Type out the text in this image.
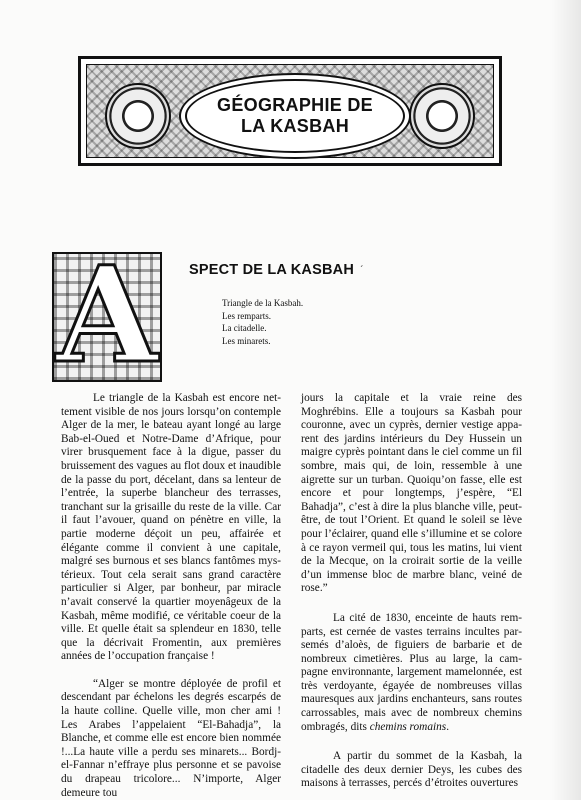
GÉOGRAPHIE DE
LA KASBAH
A SPECT DE LA KASBAH ´
Triangle de la Kasbah.
Les remparts.
La citadelle.
Les minarets.

Le triangle de la Kasbah est encore nettement visible de nos jours lorsqu’on contemple Alger de la mer, le bateau ayant longé au large Bab-el-Oued et Notre-Dame d’Afrique, pour virer brusquement face à la digue, passer du bruissement des vagues au flot doux et inaudible de la passe du port, décelant, dans sa lenteur de l’entrée, la superbe blancheur des terrasses, tranchant sur la grisaille du reste de la ville. Car il faut l’avouer, quand on pénètre en ville, la partie moderne déçoit un peu, affairée et élégante comme il convient à une capitale, malgré ses burnous et ses blancs fantômes mystérieux. Tout cela serait sans grand caractère particulier si Alger, par bonheur, par miracle n’avait conservé la quartier moyenâgeux de la Kasbah, même modifié, ce véritable coeur de la ville. Et quelle était sa splendeur en 1830, telle que la décrivait Fromentin, aux premières années de l’occupation française !

“Alger se montre déployée de profil et descendant par échelons les degrés escarpés de la haute colline. Quelle ville, mon cher ami ! Les Arabes l’appelaient “El-Bahadja”, la Blanche, et comme elle est encore bien nommée !...La haute ville a perdu ses minarets... Bordj-el-Fannar n’effraye plus personne et se pavoise du drapeau tricolore... N’importe, Alger demeure tou

jours la capitale et la vraie reine des Moghrébins. Elle a toujours sa Kasbah pour couronne, avec un cyprès, dernier vestige apparent des jardins intérieurs du Dey Hussein un maigre cyprès pointant dans le ciel comme un fil sombre, mais qui, de loin, ressemble à une aigrette sur un turban. Quoiqu’on fasse, elle est encore et pour longtemps, j’espère, “El Bahadja”, c’est à dire la plus blanche ville, peut-être, de tout l’Orient. Et quand le soleil se lève pour l’éclairer, quand elle s’illumine et se colore à ce rayon vermeil qui, tous les matins, lui vient de la Mecque, on la croirait sortie de la veille d’un immense bloc de marbre blanc, veiné de rose.”

La cité de 1830, enceinte de hauts remparts, est cernée de vastes terrains incultes parsemés d’aloès, de figuiers de barbarie et de nombreux cimetières. Plus au large, la campagne environnante, largement mamelonnée, est très verdoyante, égayée de nombreuses villas mauresques aux jardins enchanteurs, sans routes carrossables, mais avec de nombreux chemins ombragés, dits chemins romains.

A partir du sommet de la Kasbah, la citadelle des deux dernier Deys, les cubes des maisons à terrasses, percés d’étroites ouvertures
